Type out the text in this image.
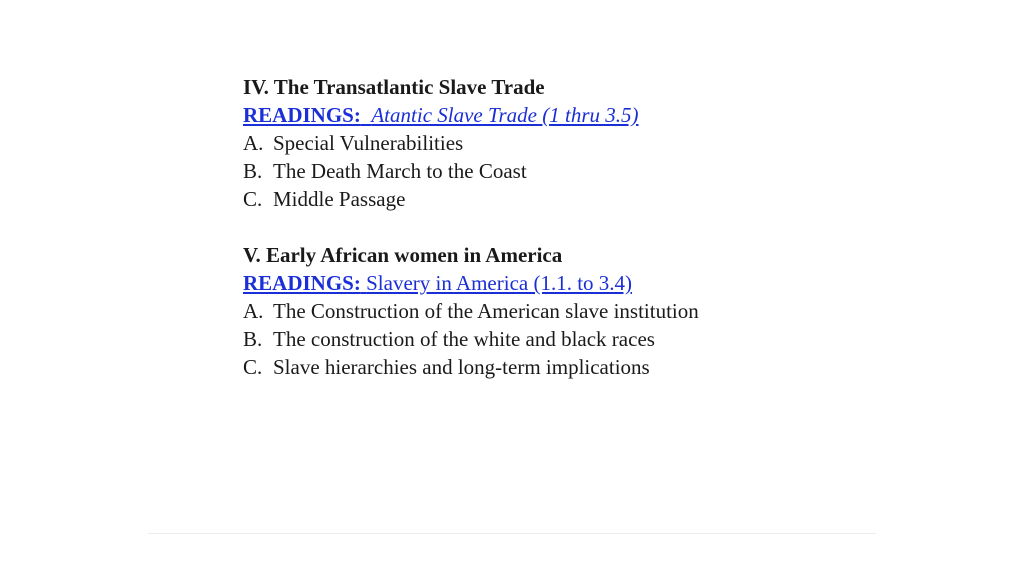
IV. The Transatlantic Slave Trade
READINGS: Atantic Slave Trade (1 thru 3.5)
A. Special Vulnerabilities
B. The Death March to the Coast
C. Middle Passage
V. Early African women in America
READINGS: Slavery in America (1.1. to 3.4)
A. The Construction of the American slave institution
B. The construction of the white and black races
C. Slave hierarchies and long-term implications
